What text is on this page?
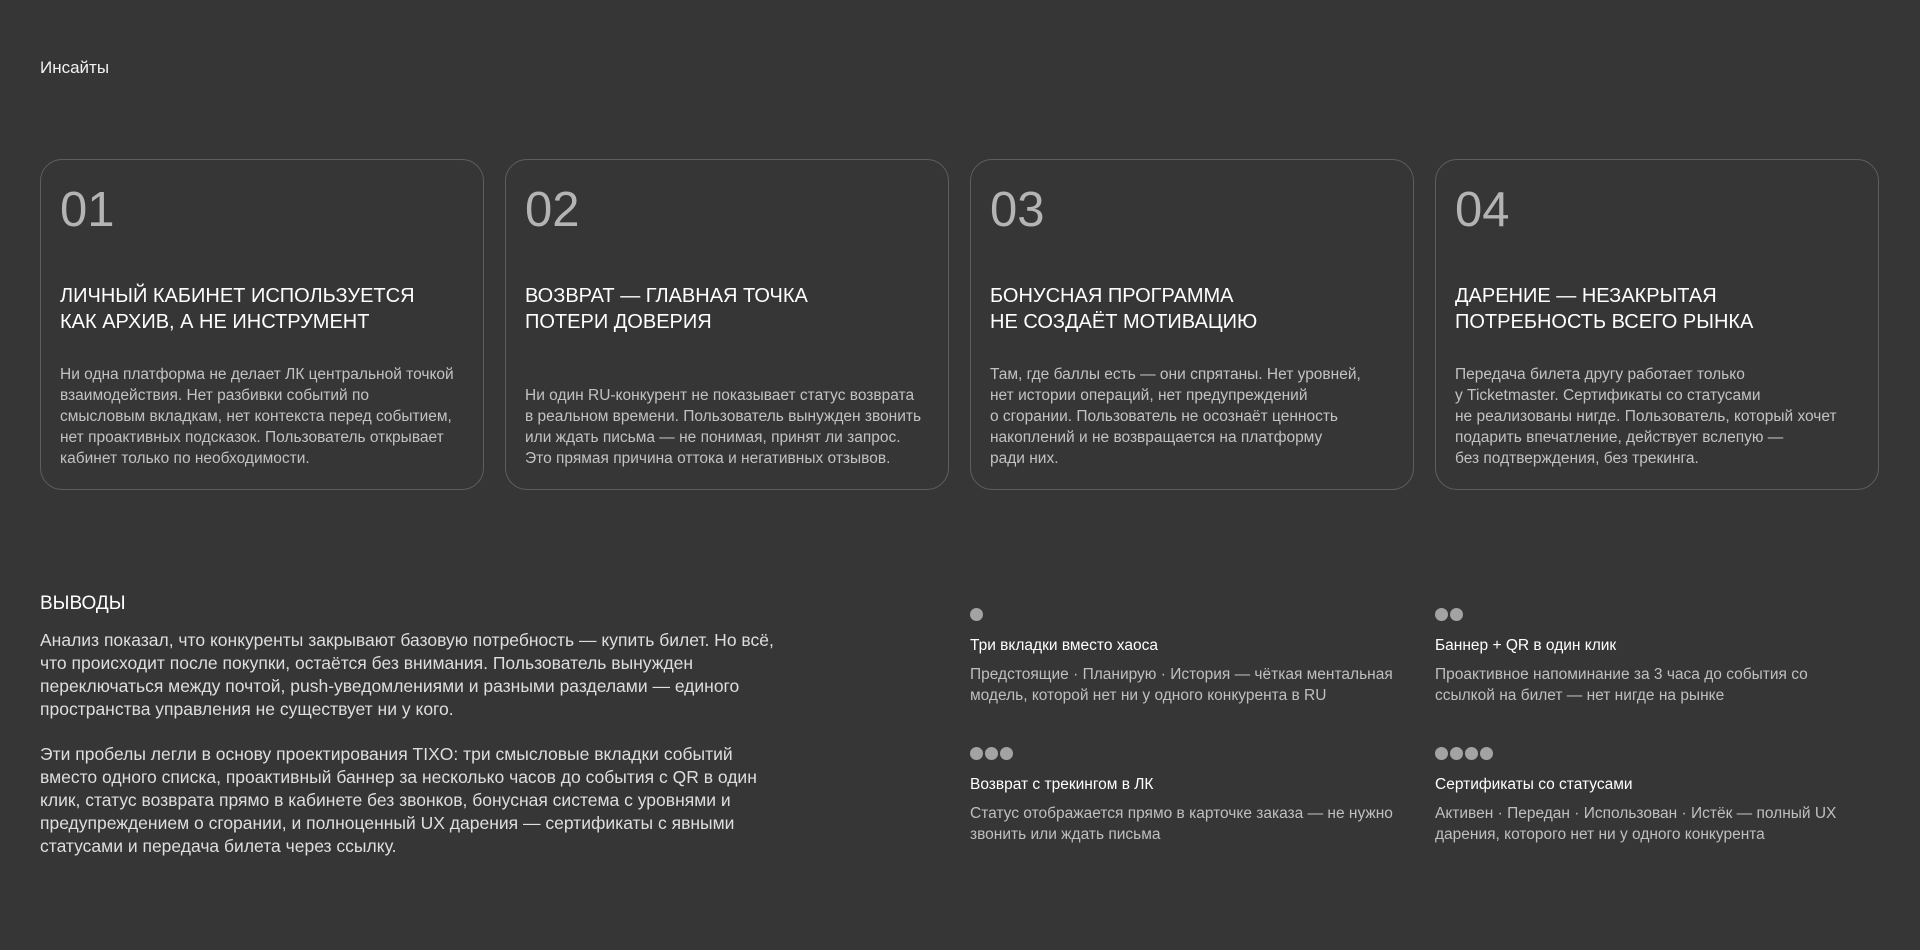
Инсайты
01
ЛИЧНЫЙ КАБИНЕТ ИСПОЛЬЗУЕТСЯ
КАК АРХИВ, А НЕ ИНСТРУМЕНТ
Ни одна платформа не делает ЛК центральной точкой
взаимодействия. Нет разбивки событий по
смысловым вкладкам, нет контекста перед событием,
нет проактивных подсказок. Пользователь открывает
кабинет только по необходимости.
02
ВОЗВРАТ — ГЛАВНАЯ ТОЧКА
ПОТЕРИ ДОВЕРИЯ
Ни один RU-конкурент не показывает статус возврата
в реальном времени. Пользователь вынужден звонить
или ждать письма — не понимая, принят ли запрос.
Это прямая причина оттока и негативных отзывов.
03
БОНУСНАЯ ПРОГРАММА
НЕ СОЗДАЁТ МОТИВАЦИЮ
Там, где баллы есть — они спрятаны. Нет уровней,
нет истории операций, нет предупреждений
о сгорании. Пользователь не осознаёт ценность
накоплений и не возвращается на платформу
ради них.
04
ДАРЕНИЕ — НЕЗАКРЫТАЯ
ПОТРЕБНОСТЬ ВСЕГО РЫНКА
Передача билета другу работает только
у Ticketmaster. Сертификаты со статусами
не реализованы нигде. Пользователь, который хочет
подарить впечатление, действует вслепую —
без подтверждения, без трекинга.
ВЫВОДЫ

Анализ показал, что конкуренты закрывают базовую потребность — купить билет. Но всё,
что происходит после покупки, остаётся без внимания. Пользователь вынужден
переключаться между почтой, push-уведомлениями и разными разделами — единого
пространства управления не существует ни у кого.

Эти пробелы легли в основу проектирования TIXO: три смысловые вкладки событий
вместо одного списка, проактивный баннер за несколько часов до события с QR в один
клик, статус возврата прямо в кабинете без звонков, бонусная система с уровнями и
предупреждением о сгорании, и полноценный UX дарения — сертификаты с явными
статусами и передача билета через ссылку.

Три вкладки вместо хаоса
Предстоящие · Планирую · История — чёткая ментальная
модель, которой нет ни у одного конкурента в RU
Баннер + QR в один клик
Проактивное напоминание за 3 часа до события со
ссылкой на билет — нет нигде на рынке
Возврат с трекингом в ЛК
Статус отображается прямо в карточке заказа — не нужно
звонить или ждать письма
Сертификаты со статусами
Активен · Передан · Использован · Истёк — полный UX
дарения, которого нет ни у одного конкурента
